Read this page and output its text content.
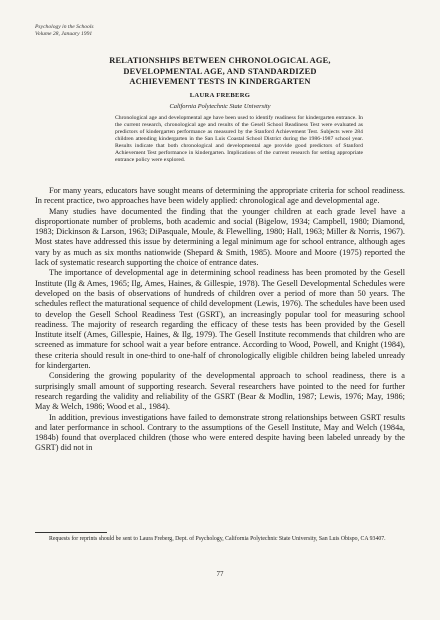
Psychology in the Schools
Volume 28, January 1991
RELATIONSHIPS BETWEEN CHRONOLOGICAL AGE,
DEVELOPMENTAL AGE, AND STANDARDIZED
ACHIEVEMENT TESTS IN KINDERGARTEN
LAURA FREBERG
California Polytechnic State University
Chronological age and developmental age have been used to identify readiness for kindergarten entrance. In the current research, chronological age and results of the Gesell School Readiness Test were evaluated as predictors of kindergarten performance as measured by the Stanford Achievement Test. Subjects were 284 children attending kindergarten in the San Luis Coastal School District during the 1986-1987 school year. Results indicate that both chronological and developmental age provide good predictors of Stanford Achievement Test performance in kindergarten. Implications of the current research for setting appropriate entrance policy were explored.

For many years, educators have sought means of determining the appropriate criteria for school readiness. In recent practice, two approaches have been widely applied: chronological age and developmental age.

Many studies have documented the finding that the younger children at each grade level have a disproportionate number of problems, both academic and social (Bigelow, 1934; Campbell, 1980; Diamond, 1983; Dickinson & Larson, 1963; DiPasquale, Moule, & Flewelling, 1980; Hall, 1963; Miller & Norris, 1967). Most states have addressed this issue by determining a legal minimum age for school entrance, although ages vary by as much as six months nationwide (Shepard & Smith, 1985). Moore and Moore (1975) reported the lack of systematic research supporting the choice of entrance dates.

The importance of developmental age in determining school readiness has been promoted by the Gesell Institute (Ilg & Ames, 1965; Ilg, Ames, Haines, & Gillespie, 1978). The Gesell Developmental Schedules were developed on the basis of observations of hundreds of children over a period of more than 50 years. The schedules reflect the maturational sequence of child development (Lewis, 1976). The schedules have been used to develop the Gesell School Readiness Test (GSRT), an increasingly popular tool for measuring school readiness. The majority of research regarding the efficacy of these tests has been provided by the Gesell Institute itself (Ames, Gillespie, Haines, & Ilg, 1979). The Gesell Institute recommends that children who are screened as immature for school wait a year before entrance. According to Wood, Powell, and Knight (1984), these criteria should result in one-third to one-half of chronologically eligible children being labeled unready for kindergarten.

Considering the growing popularity of the developmental approach to school readiness, there is a surprisingly small amount of supporting research. Several researchers have pointed to the need for further research regarding the validity and reliability of the GSRT (Bear & Modlin, 1987; Lewis, 1976; May, 1986; May & Welch, 1986; Wood et al., 1984).

In addition, previous investigations have failed to demonstrate strong relationships between GSRT results and later performance in school. Contrary to the assumptions of the Gesell Institute, May and Welch (1984a, 1984b) found that overplaced children (those who were entered despite having been labeled unready by the GSRT) did not in

Requests for reprints should be sent to Laura Freberg, Dept. of Psychology, California Polytechnic State University, San Luis Obispo, CA 93407.
77
